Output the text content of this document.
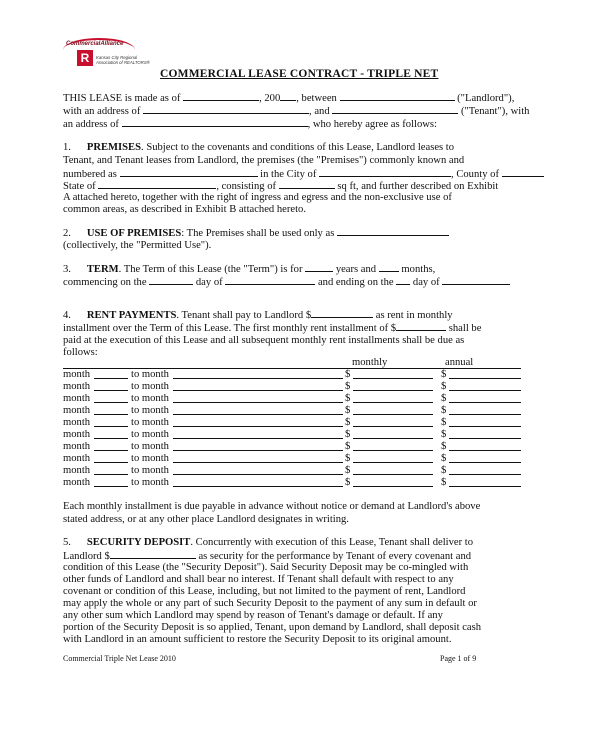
CommercialAlliance
R	Kansas City Regional
Association of REALTORS®
COMMERCIAL LEASE CONTRACT - TRIPLE NET
THIS LEASE is made as of	, 200 , between	("Landlord"),
with an address of	, and	("Tenant"), with
an address of	, who hereby agree as follows:
1. PREMISES. Subject to the covenants and conditions of this Lease, Landlord leases to
Tenant, and Tenant leases from Landlord, the premises (the "Premises") commonly known and
numbered as	in the City of	, County of
State of	, consisting of	sq ft, and further described on Exhibit
A attached hereto, together with the right of ingress and egress and the non-exclusive use of
common areas, as described in Exhibit B attached hereto.
2. USE OF PREMISES: The Premises shall be used only as
(collectively, the "Permitted Use").
3. TERM. The Term of this Lease (the "Term") is for	years and months,
commencing on the	day of	and ending on the day of
4. RENT PAYMENTS. Tenant shall pay to Landlord $	as rent in monthly
installment over the Term of this Lease. The first monthly rent installment of $	shall be
paid at the execution of this Lease and all subsequent monthly rent installments shall be due as
follows:
monthly	annual
month	to month	$	$
month	to month	$	$
month	to month	$	$
month	to month	$	$
month	to month	$	$
month	to month	$	$
month	to month	$	$
month	to month	$	$
month	to month	$	$
month	to month	$	$
Each monthly installment is due payable in advance without notice or demand at Landlord's above
stated address, or at any other place Landlord designates in writing.
5. SECURITY DEPOSIT. Concurrently with execution of this Lease, Tenant shall deliver to
Landlord $	as security for the performance by Tenant of every covenant and
condition of this Lease (the "Security Deposit"). Said Security Deposit may be co-mingled with
other funds of Landlord and shall bear no interest. If Tenant shall default with respect to any
covenant or condition of this Lease, including, but not limited to the payment of rent, Landlord
may apply the whole or any part of such Security Deposit to the payment of any sum in default or
any other sum which Landlord may spend by reason of Tenant's damage or default. If any
portion of the Security Deposit is so applied, Tenant, upon demand by Landlord, shall deposit cash
with Landlord in an amount sufficient to restore the Security Deposit to its original amount.
Commercial Triple Net Lease 2010	Page 1 of 9
